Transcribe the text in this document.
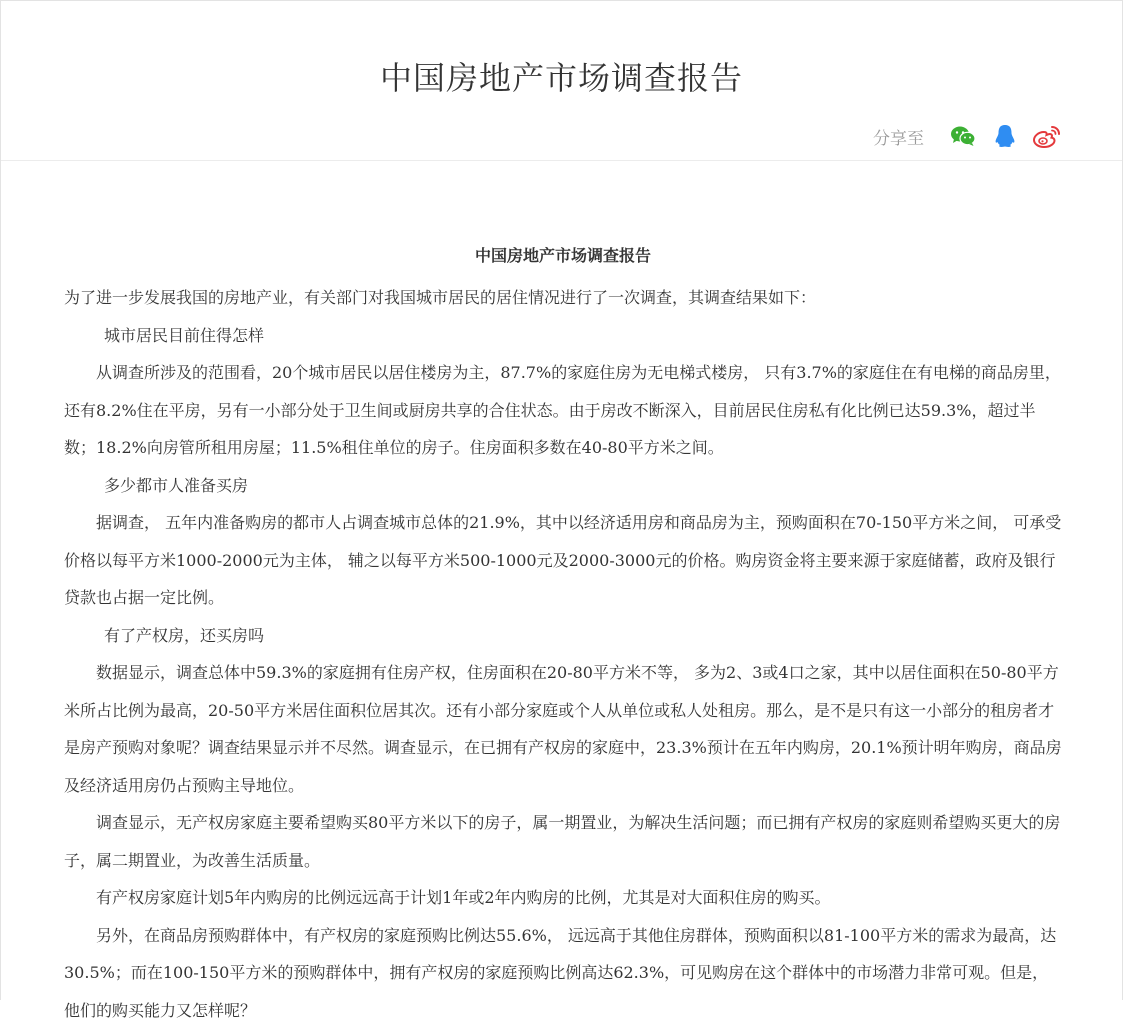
中国房地产市场调查报告
分享至
中国房地产市场调查报告
为了进一步发展我国的房地产业，有关部门对我国城市居民的居住情况进行了一次调查，其调查结果如下：
城市居民目前住得怎样
从调查所涉及的范围看，20个城市居民以居住楼房为主，87.7%的家庭住房为无电梯式楼房， 只有3.7%的家庭住在有电梯的商品房里， 还有8.2%住在平房，另有一小部分处于卫生间或厨房共享的合住状态。由于房改不断深入，目前居民住房私有化比例已达59.3%，超过半数；18.2%向房管所租用房屋；11.5%租住单位的房子。住房面积多数在40-80平方米之间。
多少都市人准备买房
据调查， 五年内准备购房的都市人占调查城市总体的21.9%，其中以经济适用房和商品房为主，预购面积在70-150平方米之间， 可承受价格以每平方米1000-2000元为主体， 辅之以每平方米500-1000元及2000-3000元的价格。购房资金将主要来源于家庭储蓄，政府及银行贷款也占据一定比例。
有了产权房，还买房吗
数据显示，调查总体中59.3%的家庭拥有住房产权，住房面积在20-80平方米不等， 多为2、3或4口之家，其中以居住面积在50-80平方米所占比例为最高，20-50平方米居住面积位居其次。还有小部分家庭或个人从单位或私人处租房。那么，是不是只有这一小部分的租房者才是房产预购对象呢？调查结果显示并不尽然。调查显示，在已拥有产权房的家庭中，23.3%预计在五年内购房，20.1%预计明年购房，商品房及经济适用房仍占预购主导地位。
调查显示，无产权房家庭主要希望购买80平方米以下的房子，属一期置业，为解决生活问题；而已拥有产权房的家庭则希望购买更大的房子，属二期置业，为改善生活质量。
有产权房家庭计划5年内购房的比例远远高于计划1年或2年内购房的比例，尤其是对大面积住房的购买。
另外，在商品房预购群体中，有产权房的家庭预购比例达55.6%， 远远高于其他住房群体，预购面积以81-100平方米的需求为最高，达30.5%；而在100-150平方米的预购群体中，拥有产权房的家庭预购比例高达62.3%，可见购房在这个群体中的市场潜力非常可观。但是，他们的购买能力又怎样呢？
